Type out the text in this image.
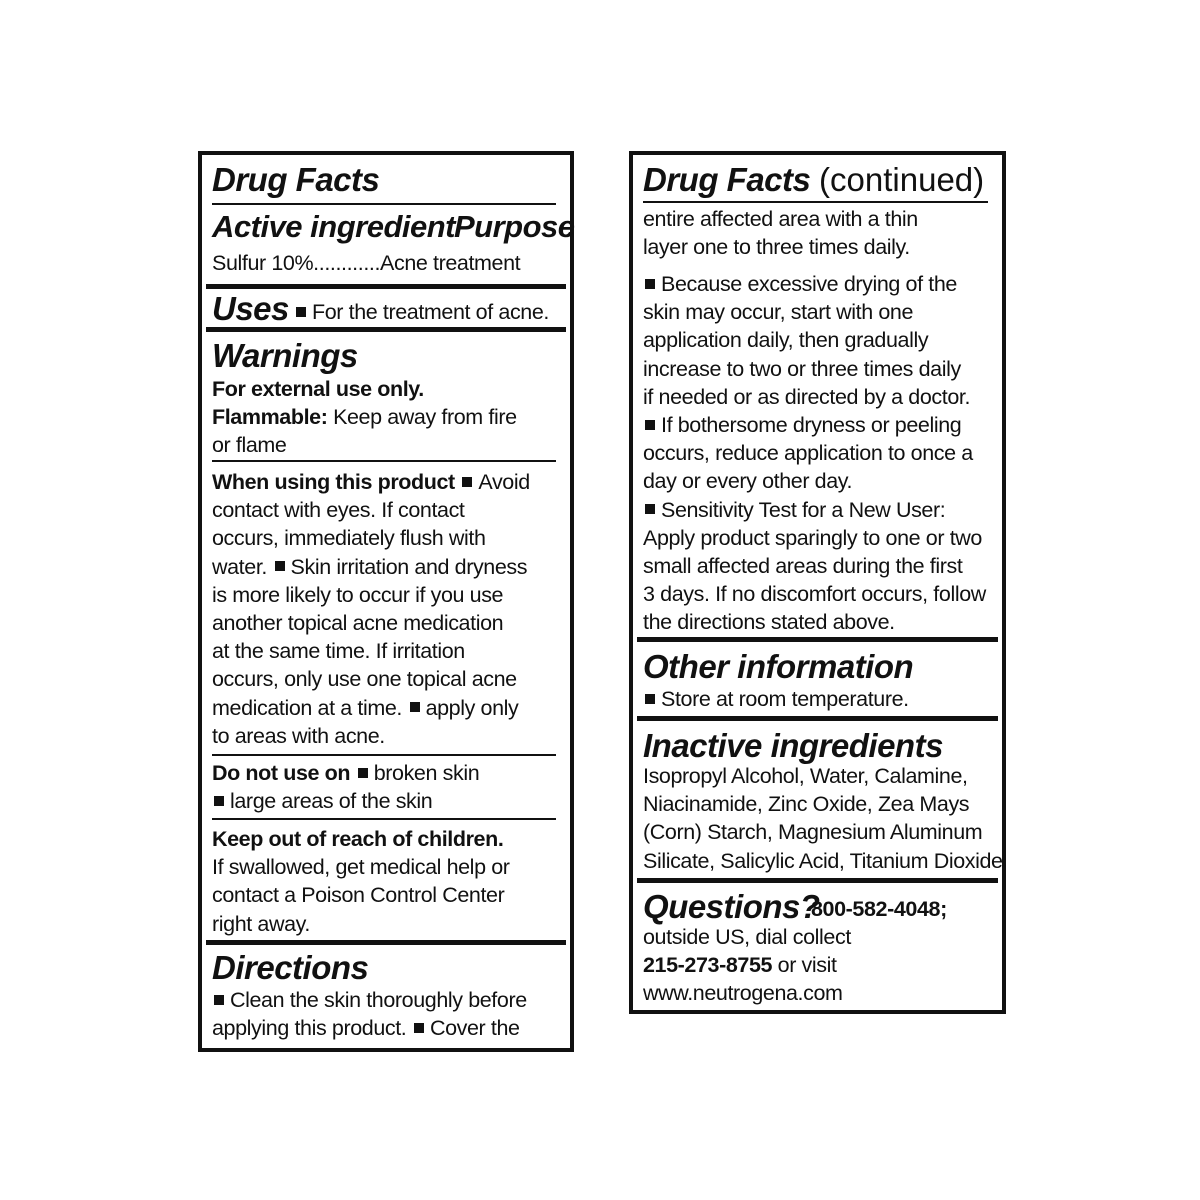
Drug Facts
Active ingredient Purpose

Sulfur 10%............Acne treatment

Uses	For the treatment of acne.

Warnings

For external use only.

Flammable: Keep away from fire

or flame

When using this product Avoid

contact with eyes. If contact

occurs, immediately flush with

water. Skin irritation and dryness

is more likely to occur if you use

another topical acne medication

at the same time. If irritation

occurs, only use one topical acne

medication at a time. apply only

to areas with acne.

Do not use on broken skin

large areas of the skin

Keep out of reach of children.

If swallowed, get medical help or

contact a Poison Control Center

right away.

Directions

Clean the skin thoroughly before

applying this product. Cover the

Drug Facts (continued)

entire affected area with a thin

layer one to three times daily.

Because excessive drying of the

skin may occur, start with one

application daily, then gradually

increase to two or three times daily

if needed or as directed by a doctor.

If bothersome dryness or peeling

occurs, reduce application to once a

day or every other day.

Sensitivity Test for a New User:

Apply product sparingly to one or two

small affected areas during the first

3 days. If no discomfort occurs, follow

the directions stated above.

Other information

Store at room temperature.

Inactive ingredients

Isopropyl Alcohol, Water, Calamine,

Niacinamide, Zinc Oxide, Zea Mays

(Corn) Starch, Magnesium Aluminum

Silicate, Salicylic Acid, Titanium Dioxide

Questions?

800-582-4048;

outside US, dial collect

215-273-8755 or visit

www.neutrogena.com
